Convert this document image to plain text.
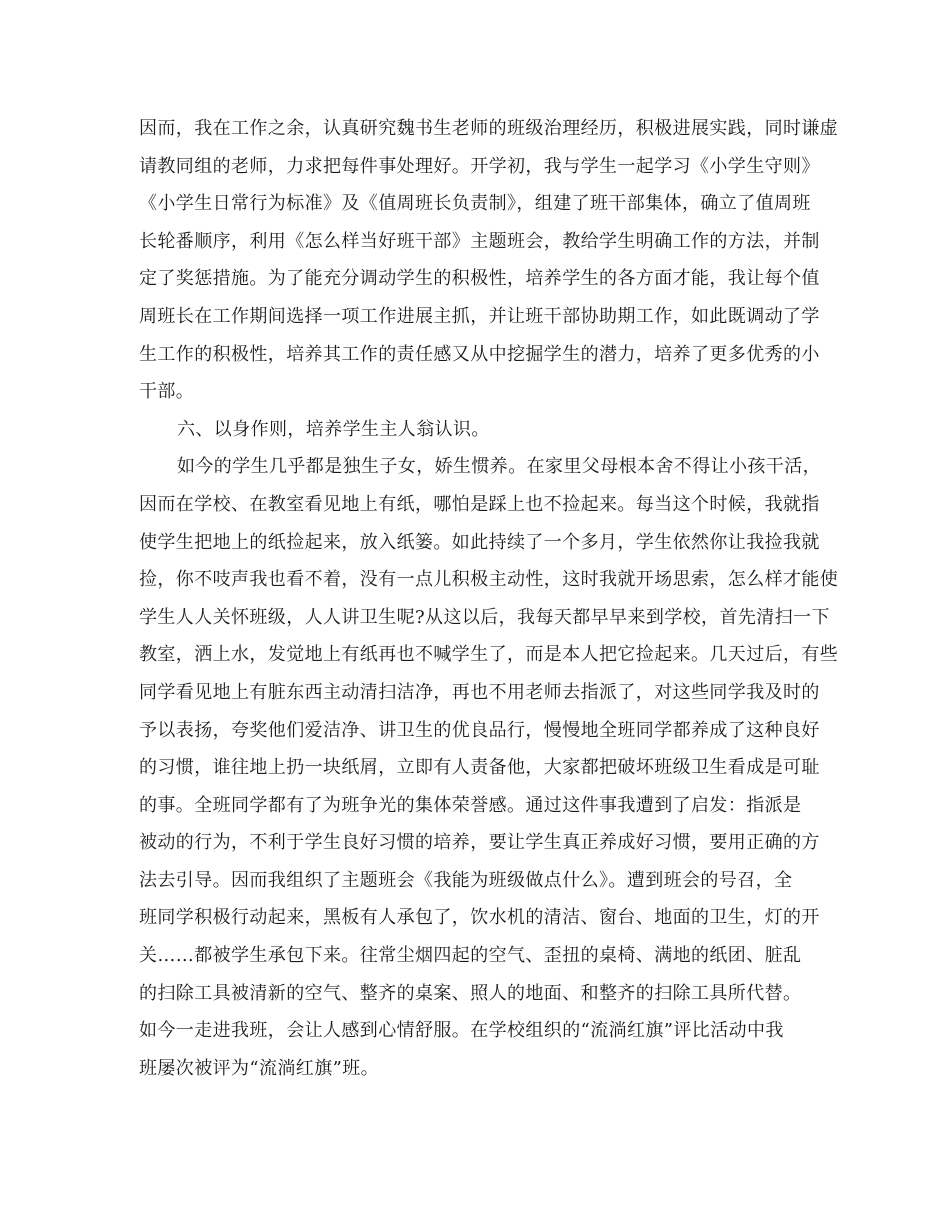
因而，我在工作之余，认真研究魏书生老师的班级治理经历，积极进展实践，同时谦虚
请教同组的老师，力求把每件事处理好。开学初，我与学生一起学习《小学生守则》
《小学生日常行为标准》及《值周班长负责制》，组建了班干部集体，确立了值周班
长轮番顺序，利用《怎么样当好班干部》主题班会，教给学生明确工作的方法，并制
定了奖惩措施。为了能充分调动学生的积极性，培养学生的各方面才能，我让每个值
周班长在工作期间选择一项工作进展主抓，并让班干部协助期工作，如此既调动了学
生工作的积极性，培养其工作的责任感又从中挖掘学生的潜力，培养了更多优秀的小
干部。
六、以身作则，培养学生主人翁认识。
如今的学生几乎都是独生子女，娇生惯养。在家里父母根本舍不得让小孩干活，
因而在学校、在教室看见地上有纸，哪怕是踩上也不捡起来。每当这个时候，我就指
使学生把地上的纸捡起来，放入纸篓。如此持续了一个多月，学生依然你让我捡我就
捡，你不吱声我也看不着，没有一点儿积极主动性，这时我就开场思索，怎么样才能使
学生人人关怀班级，人人讲卫生呢?从这以后，我每天都早早来到学校，首先清扫一下
教室，洒上水，发觉地上有纸再也不喊学生了，而是本人把它捡起来。几天过后，有些
同学看见地上有脏东西主动清扫洁净，再也不用老师去指派了，对这些同学我及时的
予以表扬，夸奖他们爱洁净、讲卫生的优良品行，慢慢地全班同学都养成了这种良好
的习惯，谁往地上扔一块纸屑，立即有人责备他，大家都把破坏班级卫生看成是可耻
的事。全班同学都有了为班争光的集体荣誉感。通过这件事我遭到了启发：指派是
被动的行为，不利于学生良好习惯的培养，要让学生真正养成好习惯，要用正确的方
法去引导。因而我组织了主题班会《我能为班级做点什么》。遭到班会的号召，全
班同学积极行动起来，黑板有人承包了，饮水机的清洁、窗台、地面的卫生，灯的开
关……都被学生承包下来。往常尘烟四起的空气、歪扭的桌椅、满地的纸团、脏乱
的扫除工具被清新的空气、整齐的桌案、照人的地面、和整齐的扫除工具所代替。
如今一走进我班，会让人感到心情舒服。在学校组织的“流淌红旗”评比活动中我
班屡次被评为“流淌红旗”班。
